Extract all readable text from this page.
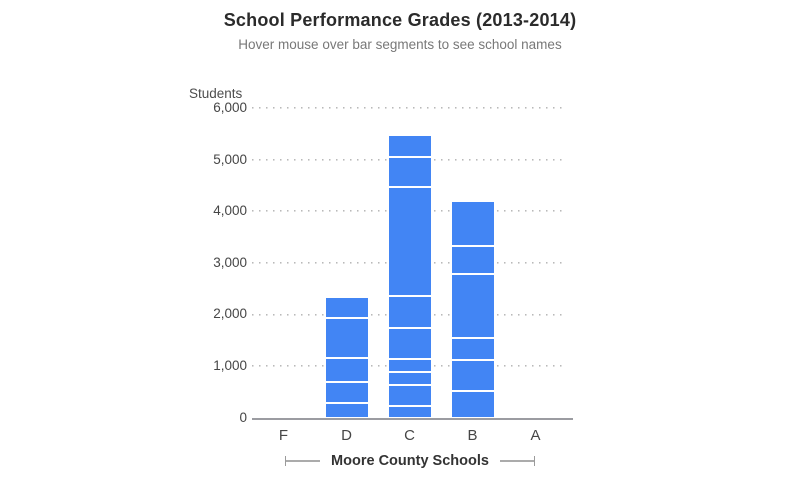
School Performance Grades (2013-2014)
Hover mouse over bar segments to see school names
Students
0
1,000
2,000
3,000
4,000
5,000
6,000
F	D	C	B	A
Moore County Schools
